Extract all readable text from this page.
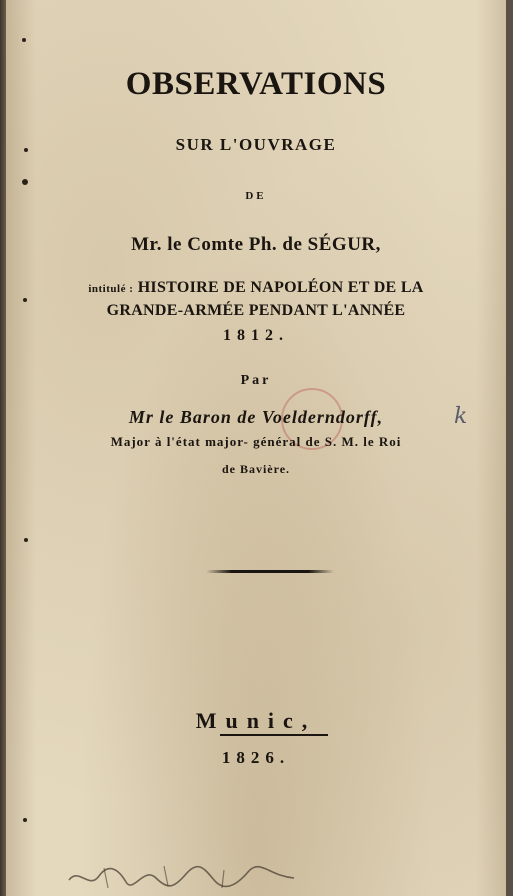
OBSERVATIONS
SUR L'OUVRAGE
DE
Mr. le Comte Ph. de SÉGUR,
intitulé : HISTOIRE DE NAPOLÉON ET DE LA
GRANDE-ARMÉE PENDANT L'ANNÉE
1812.
Par
Mr le Baron de Voelderndorff,
Major à l'état major- général de S. M. le Roi
de Bavière.
k
Munic,
1826.
